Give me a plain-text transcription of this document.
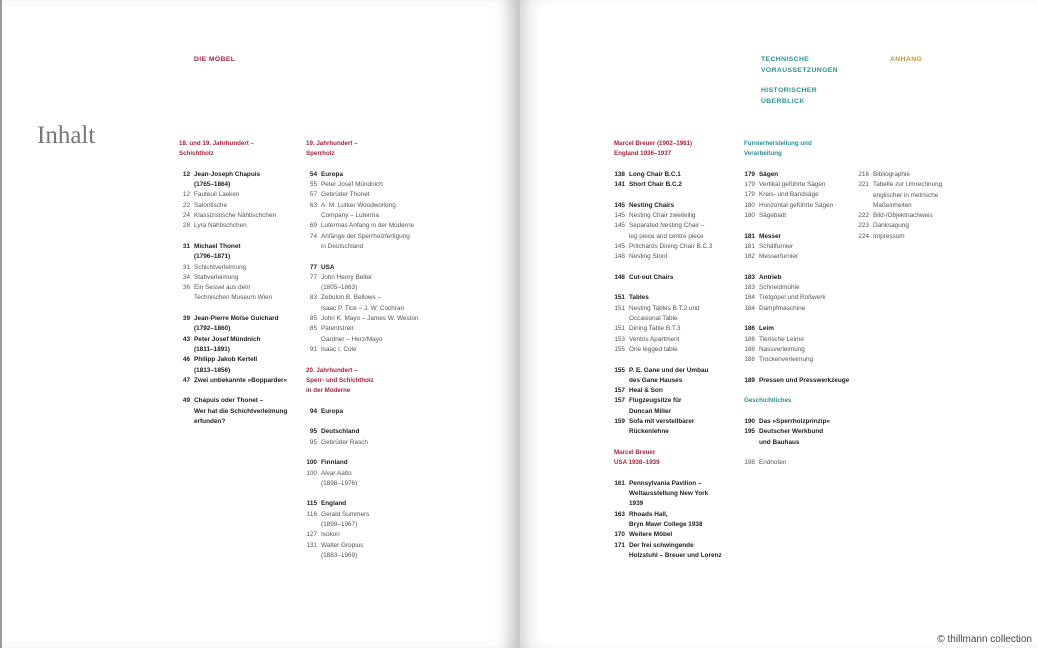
DIE MÖBEL
Inhalt	18. und 19. Jahrhundert –
Schichtholz
12 Jean-Joseph Chapuis
(1765–1864)
12 Fauteuil Laeken
22 Salontische
24 Klassizistische Nähtischchen
28 Lyra Nähtischchen
31 Michael Thonet
(1796–1871)
31 Schichtverleimung
34 Stabverleimung
36 Ein Sessel aus dem
Technischen Museum Wien
39 Jean-Pierre Moïse Guichard
(1792–1860)
43 Peter Josef Mündnich
(1811–1891)
46 Philipp Jakob Kertell
(1813–1856)
47 Zwei unbekannte »Bopparder«
49 Chapuis oder Thonet –
Wer hat die Schichtverleimung
erfunden?
19. Jahrhundert –
Sperrholz
54 Europa
55 Peter Josef Mündnich
57 Gebrüder Thonet
63 A. M. Lutker Woodworking
Company – Luterma
69 Lutermas Anfang in der Moderne
74 Anfänge der Sperrholzfertigung
in Deutschland
77 USA
77 John Henry Belter
(1805–1863)
83 Zebulon B. Bellows –
Isaac P. Tice – J. W. Cochran
85 John K. Mayo – James W. Weston
85 Patentstreit
Gardner – Herz/Mayo
91 Isaac I. Cole
20. Jahrhundert –
Sperr- und Schichtholz
in der Moderne
94 Europa
95 Deutschland
95 Gebrüder Rasch
100 Finnland
100 Alvar Aalto
(1898–1976)
115 England
116 Gerald Summers
(1899–1967)
127 Isokon
131 Walter Gropius
(1883–1969)
TECHNISCHE
VORAUSSETZUNGEN
HISTORISCHER
ÜBERBLICK
ANHANG
Marcel Breuer (1902–1981)
England 1936–1937
138 Long Chair B.C.1
141 Short Chair B.C.2
145 Nesting Chairs
145 Nesting Chair zweiteilig
145 Separated Nesting Chair –
leg piece and centre piece
145 Pritchards Dining Chair B.C.3
148 Nesting Stool
148 Cut-out Chairs
151 Tables
151 Nesting Tables B.T.2 und
Occasional Table
151 Dining Table B.T.3
153 Ventris Apartment
155 One legged table
155 P. E. Gane und der Umbau
des Gane Hauses
157 Heal & Son
157 Flugzeugsitze für
Duncan Miller
159 Sofa mit verstellbarer
Rückenlehne
Marcel Breuer
USA 1938–1939
161 Pennsylvania Pavilion –
Weltausstellung New York
1939
163 Rhoads Hall,
Bryn Mawr College 1938
170 Weitere Möbel
171 Der frei schwingende
Holzstuhl – Breuer und Lorenz
Furnierherstellung und
Verarbeitung
179 Sägen
179 Vertikal geführte Sägen
179 Kreis- und Bandsäge
180 Horizontal geführte Sägen
180 Sägeblatt
181 Messer
181 Schälfurnier
182 Messerfurnier
183 Antrieb
183 Schneidmühle
184 Tretgöpel und Roßwerk
184 Dampfmaschine
186 Leim
186 Tierische Leime
188 Nassverleimung
188 Trockenverleimung
189 Pressen und Presswerkzeuge
Geschichtliches
190 Das »Sperrholzprinzip«
195 Deutscher Werkbund
und Bauhaus
198 Endnoten
216 Bibliographie
221 Tabelle zur Umrechnung
englischer in metrische
Maßeinheiten
222 Bild-/Objektnachweis
223 Danksagung
224 Impressum
© thillmann collection
